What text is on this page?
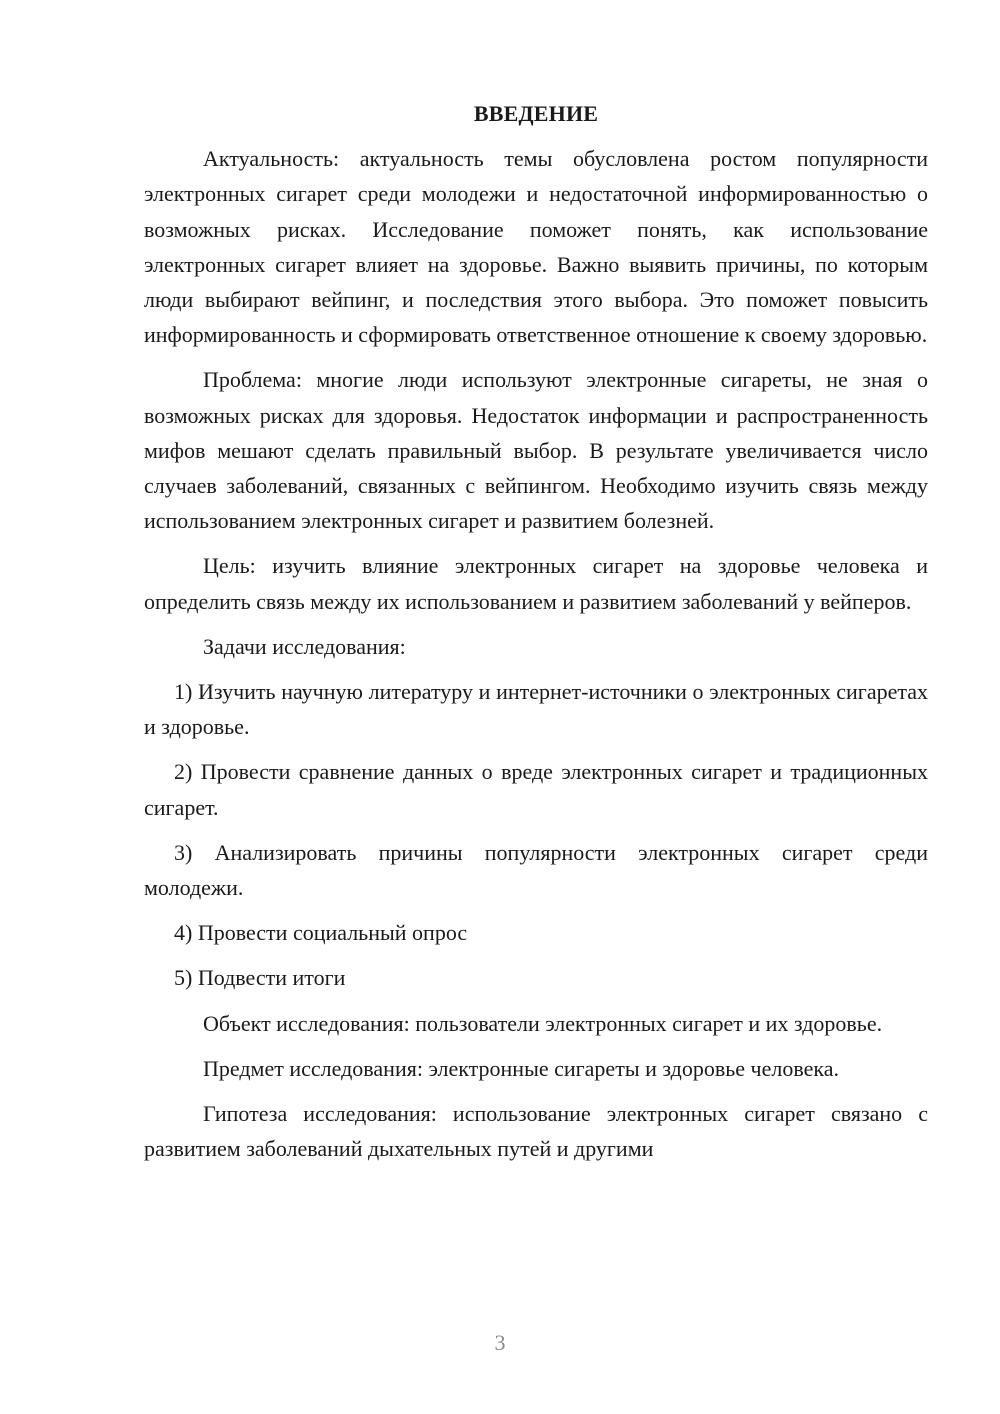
ВВЕДЕНИЕ

Актуальность: актуальность темы обусловлена ростом популярности электронных сигарет среди молодежи и недостаточной информированностью о возможных рисках. Исследование поможет понять, как использование электронных сигарет влияет на здоровье. Важно выявить причины, по которым люди выбирают вейпинг, и последствия этого выбора. Это поможет повысить информированность и сформировать ответственное отношение к своему здоровью.

Проблема: многие люди используют электронные сигареты, не зная о возможных рисках для здоровья. Недостаток информации и распространенность мифов мешают сделать правильный выбор. В результате увеличивается число случаев заболеваний, связанных с вейпингом. Необходимо изучить связь между использованием электронных сигарет и развитием болезней.

Цель: изучить влияние электронных сигарет на здоровье человека и определить связь между их использованием и развитием заболеваний у вейперов.

Задачи исследования:

1) Изучить научную литературу и интернет-источники о электронных сигаретах и здоровье.

2) Провести сравнение данных о вреде электронных сигарет и традиционных сигарет.

3) Анализировать причины популярности электронных сигарет среди молодежи.

4) Провести социальный опрос

5) Подвести итоги

Объект исследования: пользователи электронных сигарет и их здоровье.

Предмет исследования: электронные сигареты и здоровье человека.

Гипотеза исследования: использование электронных сигарет связано с развитием заболеваний дыхательных путей и другими

3
